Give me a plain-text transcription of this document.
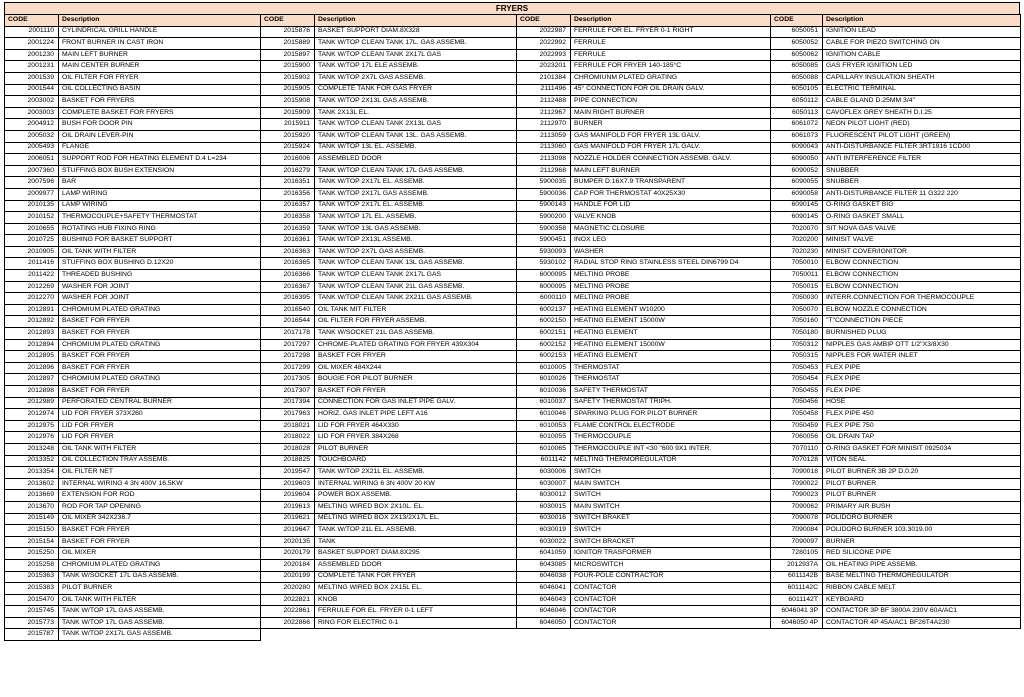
FRYERS
CODE	Description	CODE	Description	CODE	Description	CODE	Description
2001110	CYLINDRICAL GRILL HANDLE	2015876	BASKET SUPPORT DIAM.8X328	2022987	FERRULE FOR EL. FRYER 0-1 RIGHT	6050051	IGNITION LEAD
2001224	FRONT BURNER IN CAST IRON	2015889	TANK W/TOP CLEAN TANK 17L. GAS ASSEMB.	2022992	FERRULE	6050052	CABLE FOR PIEZO SWITCHING ON
2001230	MAIN LEFT BURNER	2015897	TANK W/TOP CLEAN TANK 2X17L GAS	2022993	FERRULE	6050062	IGNITION CABLE
2001231	MAIN CENTER BURNER	2015900	TANK W/TOP 17L ELE ASSEMB.	2023201	FERRULE FOR FRYER 140-185°C	6050085	GAS FRYER IGNITION LED
2001539	OIL FILTER FOR FRYER	2015902	TANK W/TOP 2X7L GAS ASSEMB.	2101384	CHROMIUNM PLATED GRATING	6050088	CAPILLARY INSULATION SHEATH
2001544	OIL COLLECTING BASIN	2015905	COMPLETE TANK FOR GAS FRYER	2111496	45° CONNECTION FOR OIL DRAIN GALV.	6050105	ELECTRIC TERMINAL
2003002	BASKET FOR FRYERS	2015908	TANK W/TOP 2X13L GAS ASSEMB.	2112488	PIPE CONNECTION	6050112	CABLE GLAND D.25MM 3/4"
2003003	COMPLETE BASKET FOR FRYERS	2015909	TANK 2X13L EL.	2112967	MAIN RIGHT BURNER	6050113	CAVOFLEX GREY SHEATH D.I.25
2004912	BUSH FOR DOOR PIN	2015911	TANK W/TOP CLEAN TANK 2X13L GAS	2112970	BURNER	6061072	NEON PILOT LIGHT (RED)
2005032	OIL DRAIN LEVER-PIN	2015920	TANK W/TOP CLEAN TANK 13L. GAS ASSEMB.	2113059	GAS MANIFOLD FOR FRYER 13L GALV.	6061073	FLUORESCENT PILOT LIGHT (GREEN)
2005493	FLANGE	2015924	TANK W/TOP 13L EL. ASSEMB.	2113060	GAS MANIFOLD FOR FRYER 17L GALV.	6090043	ANTI-DISTURBANCE FILTER 3RT1916 1CD00
2006051	SUPPORT ROD FOR HEATING ELEMENT D.4 L=234	2016006	ASSEMBLED DOOR	2113098	NOZZLE HOLDER CONNECTION ASSEMB. GALV.	6090050	ANTI INTERFERENCE FILTER
2007360	STUFFING BOX BUSH EXTENSION	2016279	TANK W/TOP CLEAN TANK 17L GAS ASSEMB.	2112968	MAIN LEFT BURNER	6090052	SNUBBER
2007596	BAR	2016351	TANK W/TOP 2X17L EL. ASSEMB.	5900035	BUMPER D.16X7.9 TRANSPARENT	6090055	SNUBBER
2009977	LAMP WIRING	2016356	TANK W/TOP 2X17L GAS ASSEMB.	5900036	CAP FOR THERMOSTAT 40X25X30	6090058	ANTI-DISTURBANCE FILTER 11 G322 220
2010135	LAMP WIRING	2016357	TANK W/TOP 2X17L EL. ASSEMB.	5900143	HANDLE FOR LID	6090145	O-RING GASKET BIG
2010152	THERMOCOUPLE+SAFETY THERMOSTAT	2016358	TANK W/TOP 17L EL. ASSEMB.	5900200	VALVE KNOB	6090145	O-RING GASKET SMALL
2010655	ROTATING HUB FIXING RING	2016359	TANK W/TOP 13L GAS ASSEMB.	5900358	MAGNETIC CLOSURE	7020070	SIT NOVA GAS VALVE
2010725	BUSHING FOR BASKET SUPPORT	2016361	TANK W/TOP 2X13L ASSEMB.	5900451	INOX LEG	7020200	MINISIT VALVE
2010905	OIL TANK WITH FILTER	2016363	TANK W/TOP 2X7L GAS ASSEMB.	5930093	WASHER	7020230	MINISIT COVER/IGNITOR
2011416	STUFFING BOX BUSHING D.12X20	2016365	TANK W/TOP CLEAN TANK 13L GAS ASSEMB.	5930102	RADIAL STOP RING STAINLESS STEEL DIN6799 D4	7050010	ELBOW CONNECTION
2011422	THREADED BUSHING	2016366	TANK W/TOP CLEAN TANK 2X17L GAS	6000095	MELTING PROBE	7050011	ELBOW CONNECTION
2012269	WASHER FOR JOINT	2016367	TANK W/TOP CLEAN TANK 21L GAS ASSEMB.	6000095	MELTING PROBE	7050015	ELBOW CONNECTION
2012270	WASHER FOR JOINT	2016395	TANK W/TOP CLEAN TANK 2X21L GAS ASSEMB.	6000110	MELTING PROBE	7050030	INTERR.CONNECTION FOR THERMOCOUPLE
2012891	CHROMIUM PLATED GRATING	2016540	OIL TANK MIT FILTER	6002137	HEATING ELEMENT W10200	7050070	ELBOW NOZZLE CONNECTION
2012892	BASKET FOR FRYER	2016544	OIL FILTER FOR FRYER ASSEMB.	6002150	HEATING ELEMENT 15000W	7050160	"T"CONNECTION PIECE
2012893	BASKET FOR FRYER	2017178	TANK W/SOCKET 21L GAS ASSEMB.	6002151	HEATING ELEMENT	7050180	BURNISHED PLUG
2012894	CHROMIUM PLATED GRATING	2017297	CHROME-PLATED GRATING FOR FRYER 439X304	6002152	HEATING ELEMENT 15000W	7050312	NIPPLES GAS AMBIP OTT 1/2"X3/8X30
2012895	BASKET FOR FRYER	2017298	BASKET FOR FRYER	6002153	HEATING ELEMENT	7050315	NIPPLES FOR WATER INLET
2012896	BASKET FOR FRYER	2017299	OIL MIXER 484X244	6010005	THERMOSTAT	7050453	FLEX PIPE
2012897	CHROMIUM PLATED GRATING	2017305	BOUGIE FOR PILOT BURNER	6010026	THERMOSTAT	7050454	FLEX PIPE
2012898	BASKET FOR FRYER	2017307	BASKET FOR FRYER	6010036	SAFETY THERMOSTAT	7050455	FLEX PIPE
2012989	PERFORATED CENTRAL BURNER	2017394	CONNECTION FOR GAS INLET PIPE GALV.	6010037	SAFETY THERMOSTAT TRIPH.	7050456	HOSE
2012974	LID FOR FRYER 373X260	2017963	HORIZ. GAS INLET PIPE LEFT A16	6010046	SPARKING PLUG FOR PILOT BURNER	7050458	FLEX PIPE 450
2012975	LID FOR FRYER	2018021	LID FOR FRYER 464X330	6010053	FLAME CONTROL ELECTRODE	7050459	FLEX PIPE 750
2012976	LID FOR FRYER	2018022	LID FOR FRYER 384X268	6010055	THERMOCOUPLE	7060056	OIL DRAIN TAP
2013248	OIL TANK WITH FILTER	2018028	PILOT BURNER	6010065	THERMOCOUPLE INT <30 "600 9X1 INTER.	7070110	O-RING GASKET FOR MINISIT 0925034
2013352	OIL COLLECTION TRAY ASSEMB.	2018825	TOUCHBOARD	6011142	MELTING THERMOREGULATOR	7070128	VITON SEAL
2013354	OIL FILTER NET	2019547	TANK W/TOP 2X21L EL. ASSEMB.	6030006	SWITCH	7090018	PILOT BURNER 3B 2P D.0.20
2013602	INTERNAL WIRING 4 3N 400V 16.5KW	2019603	INTERNAL WIRING 6 3N 400V 20 KW	6030007	MAIN SWITCH	7090022	PILOT BURNER
2013669	EXTENSION FOR ROD	2019604	POWER BOX ASSEMB.	6030012	SWITCH	7090023	PILOT BURNER
2013670	ROD FOR TAP OPENING	2019613	MELTING WIRED BOX 2X10L. EL.	6030015	MAIN SWITCH	7090062	PRIMARY AIR BUSH
2015149	OIL MIXER 342X236.7	2019621	MELTING WIRED BOX 2X13/2X17L EL.	6030016	SWITCH BRAKET	7090078	POLIDORO BURNER
2015150	BASKET FOR FRYER	2019647	TANK W/TOP 21L EL. ASSEMB.	6030019	SWITCH	7090084	POLIDORO BURNER 103.3019.00
2015154	BASKET FOR FRYER	2020135	TANK	6030022	SWITCH BRACKET	7090097	BURNER
2015250	OIL MIXER	2020179	BASKET SUPPORT DIAM.8X295	6041059	IGNITOR TRASFORMER	7280105	RED SILICONE PIPE
2015258	CHROMIUM PLATED GRATING	2020184	ASSEMBLED DOOR	6043085	MICROSWITCH	2012937A	OIL HEATING PIPE ASSEMB.
2015363	TANK W/SOCKET 17L GAS ASSEMB.	2020199	COMPLETE TANK FOR FRYER	6046038	FOUR-POLE CONTRACTOR	6011142B	BASE MELTING THERMOREGULATOR
2015383	PILOT BURNER	2020280	MELTING WIRED BOX 2X15L EL.	6046041	CONTACTOR	6011142C	RIBBON CABLE MELT
2015470	OIL TANK WITH FILTER	2022821	KNOB	6046043	CONTACTOR	6011142T	KEYBOARD
2015745	TANK W/TOP 17L GAS ASSEMB.	2022861	FERRULE FOR EL. FRYER 0-1 LEFT	6046046	CONTACTOR	6046041 3P	CONTACTOR 3P BF 3800A 230V 60A/AC1
2015773	TANK W/TOP 17L GAS ASSEMB.	2022866	RING FOR ELECTRIC 0-1	6046050	CONTACTOR	6046050 4P	CONTACTOR 4P 45A/AC1 BF26T4A230
2015787	TANK W/TOP 2X17L GAS ASSEMB.						
